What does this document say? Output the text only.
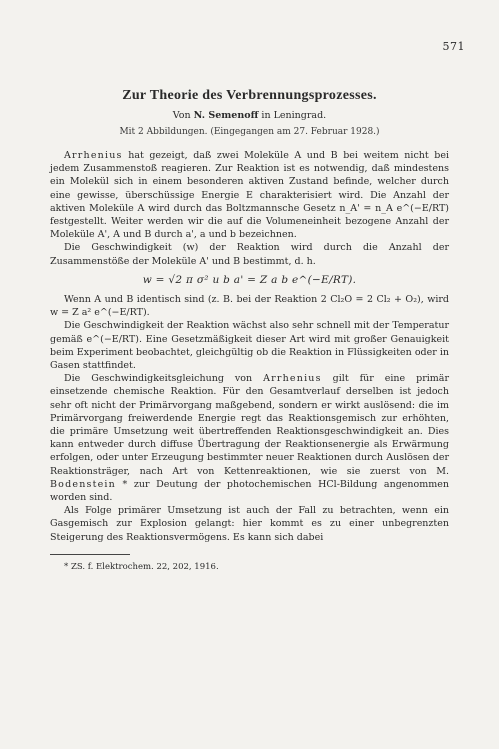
571
Zur Theorie des Verbrennungsprozesses.
Von N. Semenoff in Leningrad.
Mit 2 Abbildungen. (Eingegangen am 27. Februar 1928.)

Arrhenius hat gezeigt, daß zwei Moleküle A und B bei weitem nicht bei jedem Zusammenstoß reagieren. Zur Reaktion ist es notwendig, daß mindestens ein Molekül sich in einem besonderen aktiven Zustand befinde, welcher durch eine gewisse, überschüssige Energie E charakterisiert wird. Die Anzahl der aktiven Moleküle A wird durch das Boltzmannsche Gesetz n_A' = n_A e^(−E/RT) festgestellt. Weiter werden wir die auf die Volumeneinheit bezogene Anzahl der Moleküle A', A und B durch a', a und b bezeichnen.

Die Geschwindigkeit (w) der Reaktion wird durch die Anzahl der Zusammenstöße der Moleküle A' und B bestimmt, d. h.

w = √2 π σ² u b a' = Z a b e^(−E/RT).

Wenn A und B identisch sind (z. B. bei der Reaktion 2 Cl₂O = 2 Cl₂ + O₂), wird w = Z a² e^(−E/RT).

Die Geschwindigkeit der Reaktion wächst also sehr schnell mit der Temperatur gemäß e^(−E/RT). Eine Gesetzmäßigkeit dieser Art wird mit großer Genauigkeit beim Experiment beobachtet, gleichgültig ob die Reaktion in Flüssigkeiten oder in Gasen stattfindet.

Die Geschwindigkeitsgleichung von Arrhenius gilt für eine primär einsetzende chemische Reaktion. Für den Gesamtverlauf derselben ist jedoch sehr oft nicht der Primärvorgang maßgebend, sondern er wirkt auslösend: die im Primärvorgang freiwerdende Energie regt das Reaktionsgemisch zur erhöhten, die primäre Umsetzung weit übertreffenden Reaktionsgeschwindigkeit an. Dies kann entweder durch diffuse Übertragung der Reaktionsenergie als Erwärmung erfolgen, oder unter Erzeugung bestimmter neuer Reaktionen durch Auslösen der Reaktionsträger, nach Art von Kettenreaktionen, wie sie zuerst von M. Bodenstein * zur Deutung der photochemischen HCl-Bildung angenommen worden sind.

Als Folge primärer Umsetzung ist auch der Fall zu betrachten, wenn ein Gasgemisch zur Explosion gelangt: hier kommt es zu einer unbegrenzten Steigerung des Reaktionsvermögens. Es kann sich dabei

* ZS. f. Elektrochem. 22, 202, 1916.
